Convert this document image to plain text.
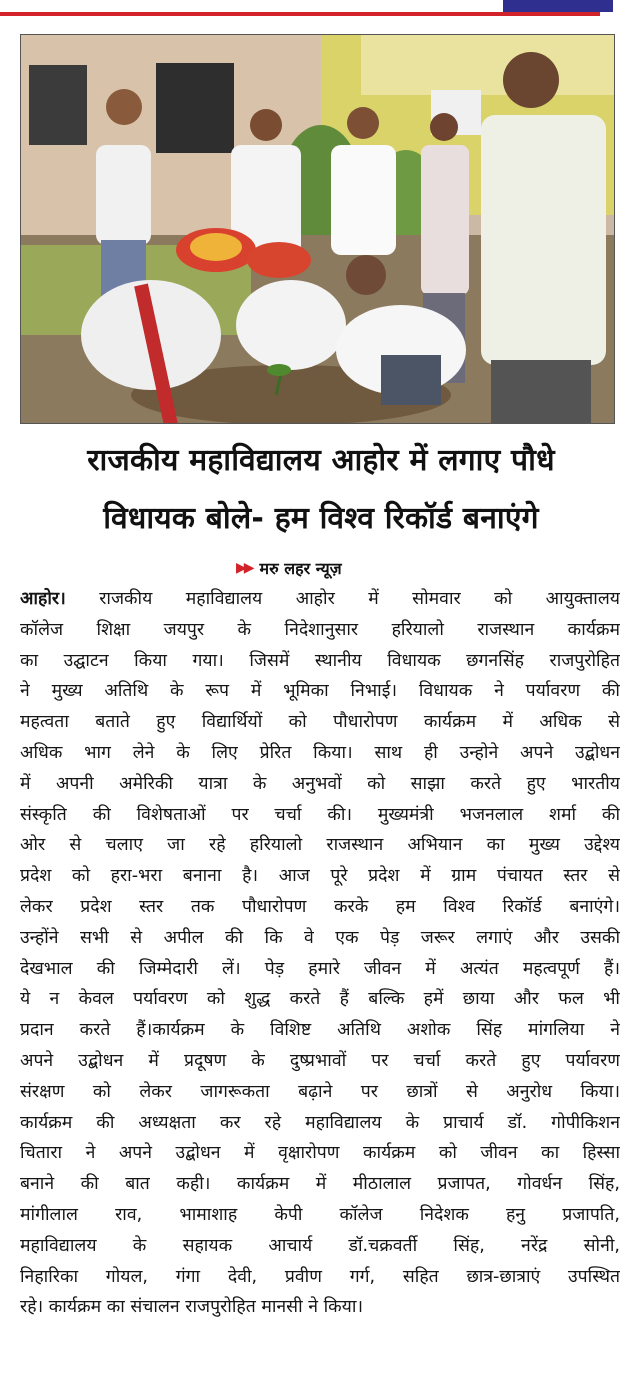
राजकीय महाविद्यालय आहोर में लगाए पौधे
विधायक बोले- हम विश्व रिकॉर्ड बनाएंगे
▶▶ मरु लहर न्यूज़
आहोर। राजकीय महाविद्यालय आहोर में सोमवार को आयुक्तालय
कॉलेज शिक्षा जयपुर के निदेशानुसार हरियालो राजस्थान कार्यक्रम
का उद्घाटन किया गया। जिसमें स्थानीय विधायक छगनसिंह राजपुरोहित
ने मुख्य अतिथि के रूप में भूमिका निभाई। विधायक ने पर्यावरण की
महत्वता बताते हुए विद्यार्थियों को पौधारोपण कार्यक्रम में अधिक से
अधिक भाग लेने के लिए प्रेरित किया। साथ ही उन्होने अपने उद्बोधन
में अपनी अमेरिकी यात्रा के अनुभवों को साझा करते हुए भारतीय
संस्कृति की विशेषताओं पर चर्चा की। मुख्यमंत्री भजनलाल शर्मा की
ओर से चलाए जा रहे हरियालो राजस्थान अभियान का मुख्य उद्देश्य
प्रदेश को हरा-भरा बनाना है। आज पूरे प्रदेश में ग्राम पंचायत स्तर से
लेकर प्रदेश स्तर तक पौधारोपण करके हम विश्व रिकॉर्ड बनाएंगे।
उन्होंने सभी से अपील की कि वे एक पेड़ जरूर लगाएं और उसकी
देखभाल की जिम्मेदारी लें। पेड़ हमारे जीवन में अत्यंत महत्वपूर्ण हैं।
ये न केवल पर्यावरण को शुद्ध करते हैं बल्कि हमें छाया और फल भी
प्रदान करते हैं।कार्यक्रम के विशिष्ट अतिथि अशोक सिंह मांगलिया ने
अपने उद्बोधन में प्रदूषण के दुष्प्रभावों पर चर्चा करते हुए पर्यावरण
संरक्षण को लेकर जागरूकता बढ़ाने पर छात्रों से अनुरोध किया।
कार्यक्रम की अध्यक्षता कर रहे महाविद्यालय के प्राचार्य डॉ. गोपीकिशन
चितारा ने अपने उद्बोधन में वृक्षारोपण कार्यक्रम को जीवन का हिस्सा
बनाने की बात कही। कार्यक्रम में मीठालाल प्रजापत, गोवर्धन सिंह,
मांगीलाल राव, भामाशाह केपी कॉलेज निदेशक हनु प्रजापति,
महाविद्यालय के सहायक आचार्य डॉ.चक्रवर्ती सिंह, नरेंद्र सोनी,
निहारिका गोयल, गंगा देवी, प्रवीण गर्ग, सहित छात्र-छात्राएं उपस्थित
रहे। कार्यक्रम का संचालन राजपुरोहित मानसी ने किया।
